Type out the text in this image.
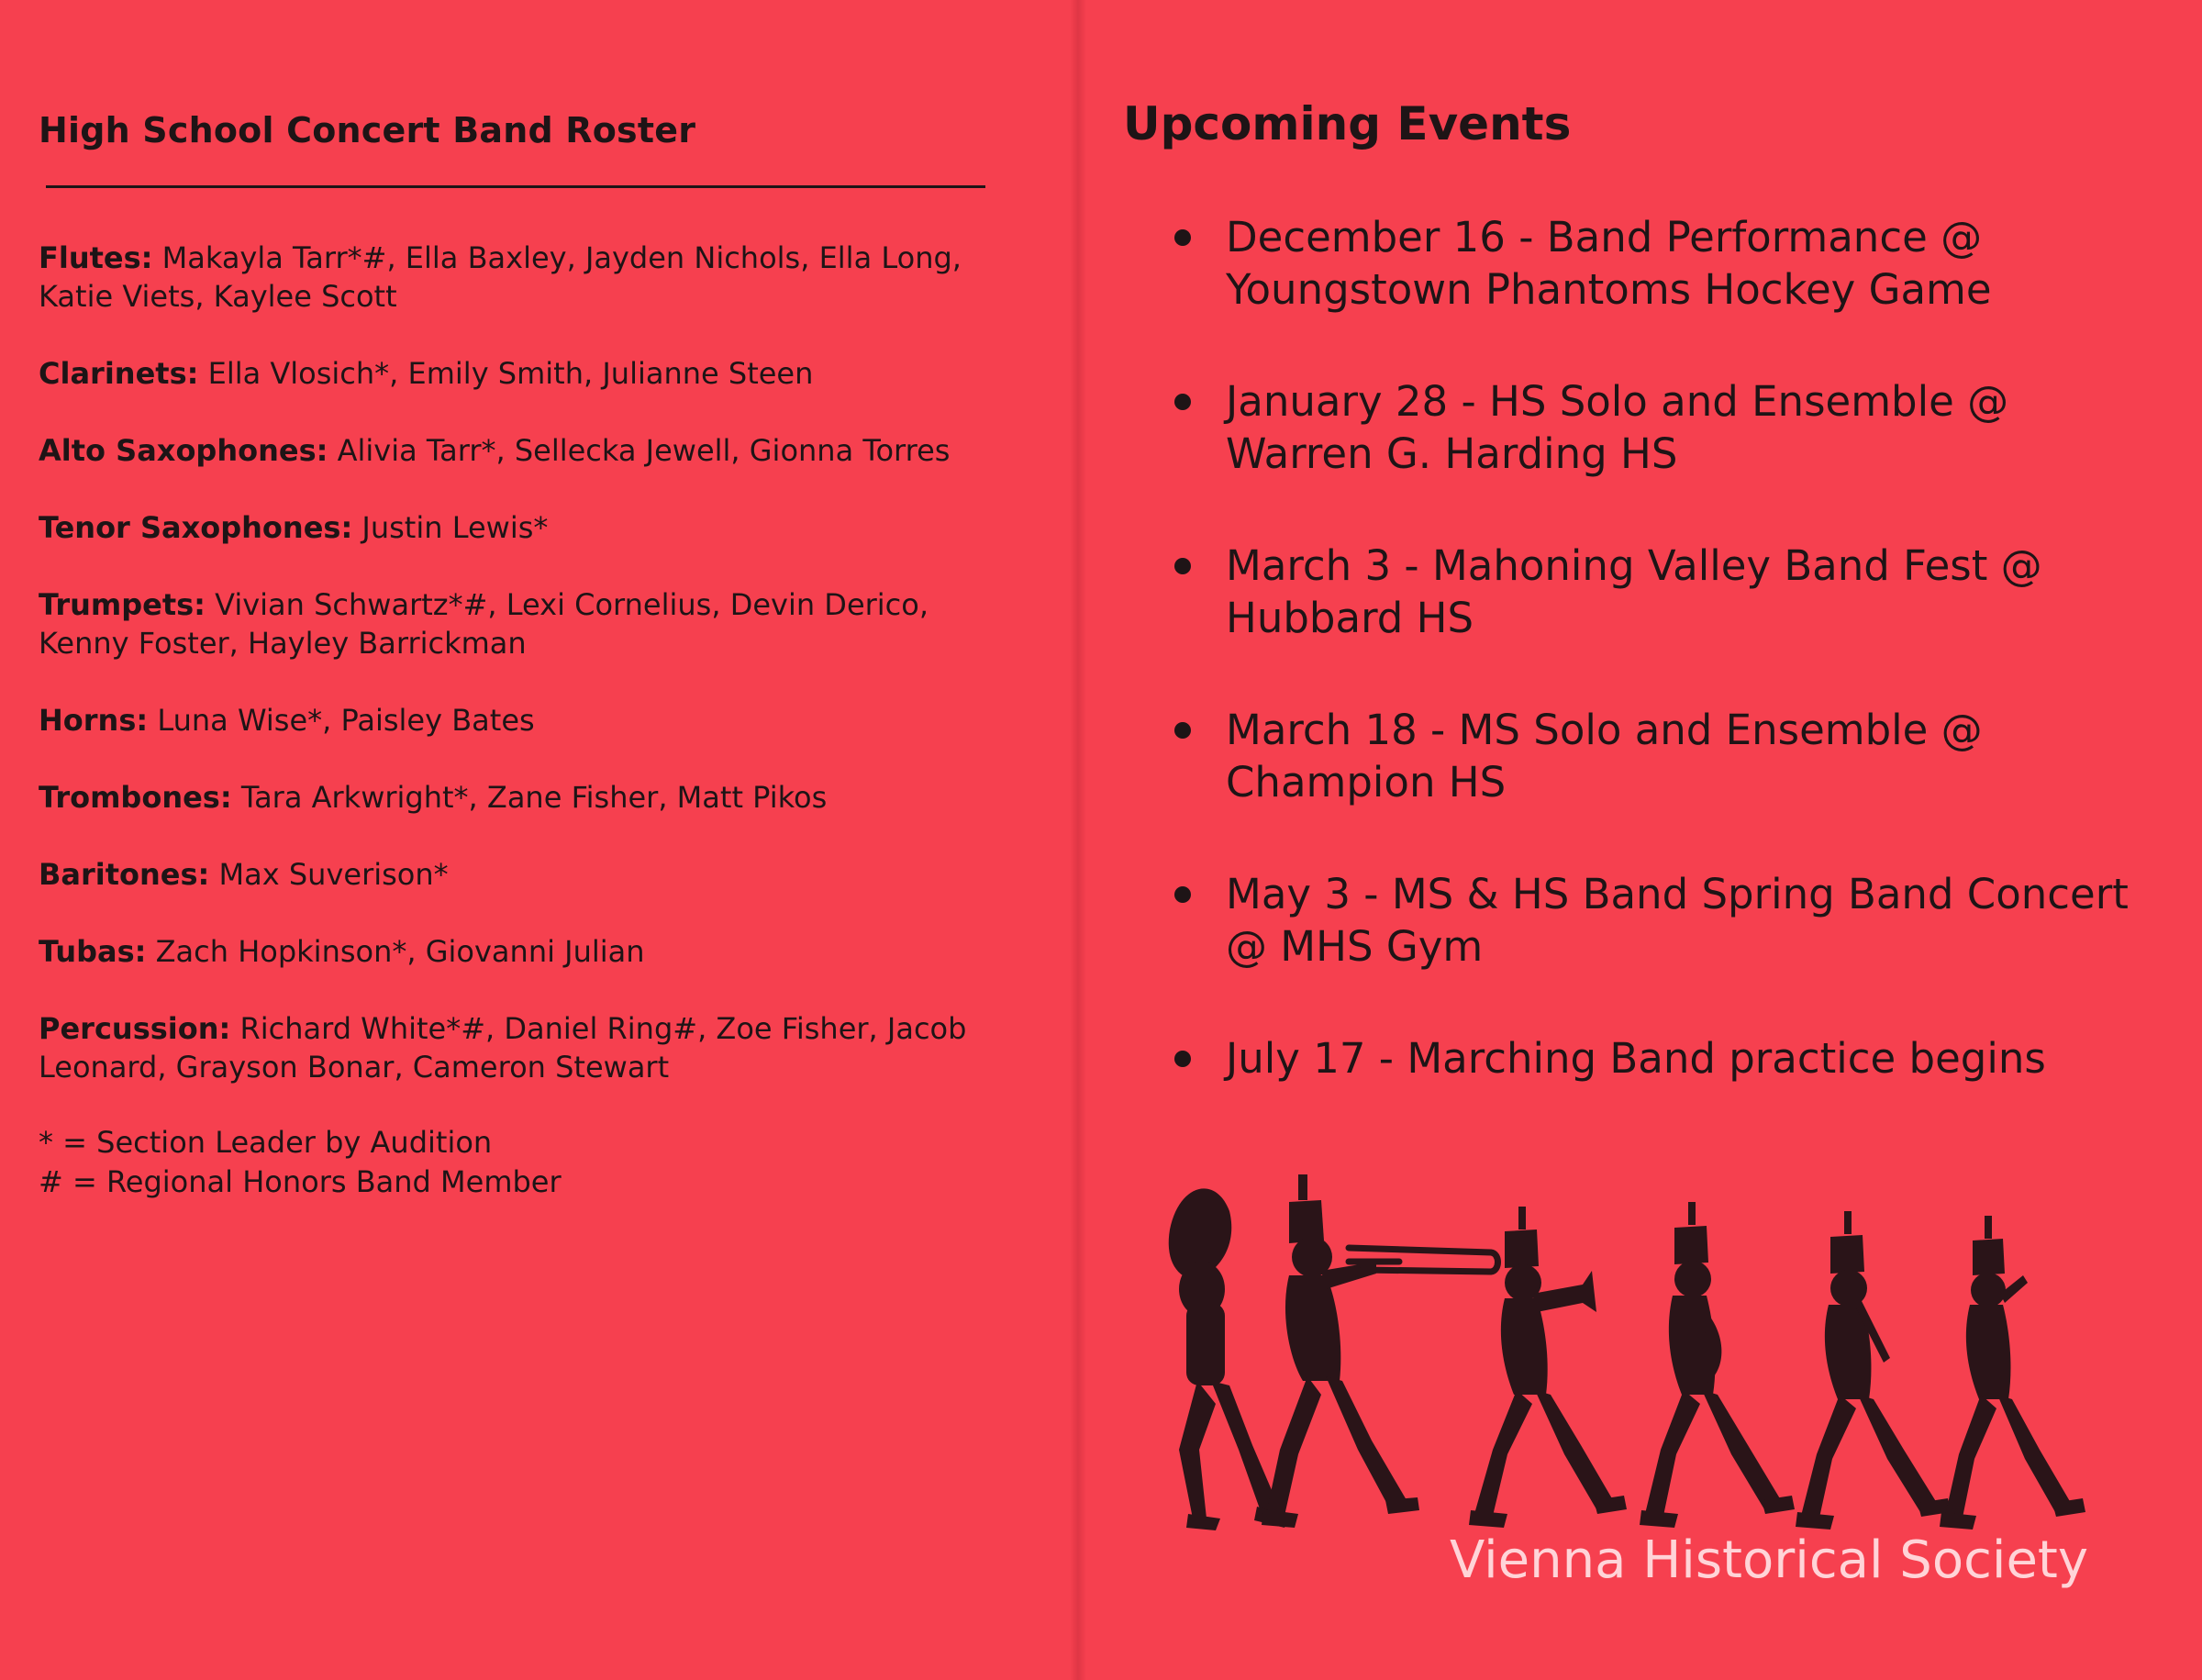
High School Concert Band Roster
Flutes: Makayla Tarr*#, Ella Baxley, Jayden Nichols, Ella Long, Katie Viets, Kaylee Scott
Clarinets: Ella Vlosich*, Emily Smith, Julianne Steen
Alto Saxophones: Alivia Tarr*, Sellecka Jewell, Gionna Torres
Tenor Saxophones: Justin Lewis*
Trumpets: Vivian Schwartz*#, Lexi Cornelius, Devin Derico, Kenny Foster, Hayley Barrickman
Horns: Luna Wise*, Paisley Bates
Trombones: Tara Arkwright*, Zane Fisher, Matt Pikos
Baritones: Max Suverison*
Tubas: Zach Hopkinson*, Giovanni Julian
Percussion: Richard White*#, Daniel Ring#, Zoe Fisher, Jacob Leonard, Grayson Bonar, Cameron Stewart
* = Section Leader by Audition
# = Regional Honors Band Member
Upcoming Events
December 16 - Band Performance @ Youngstown Phantoms Hockey Game
January 28 - HS Solo and Ensemble @ Warren G. Harding HS
March 3 - Mahoning Valley Band Fest @ Hubbard HS
March 18 - MS Solo and Ensemble @ Champion HS
May 3 - MS & HS Band Spring Band Concert @ MHS Gym
July 17 - Marching Band practice begins
Vienna Historical Society
